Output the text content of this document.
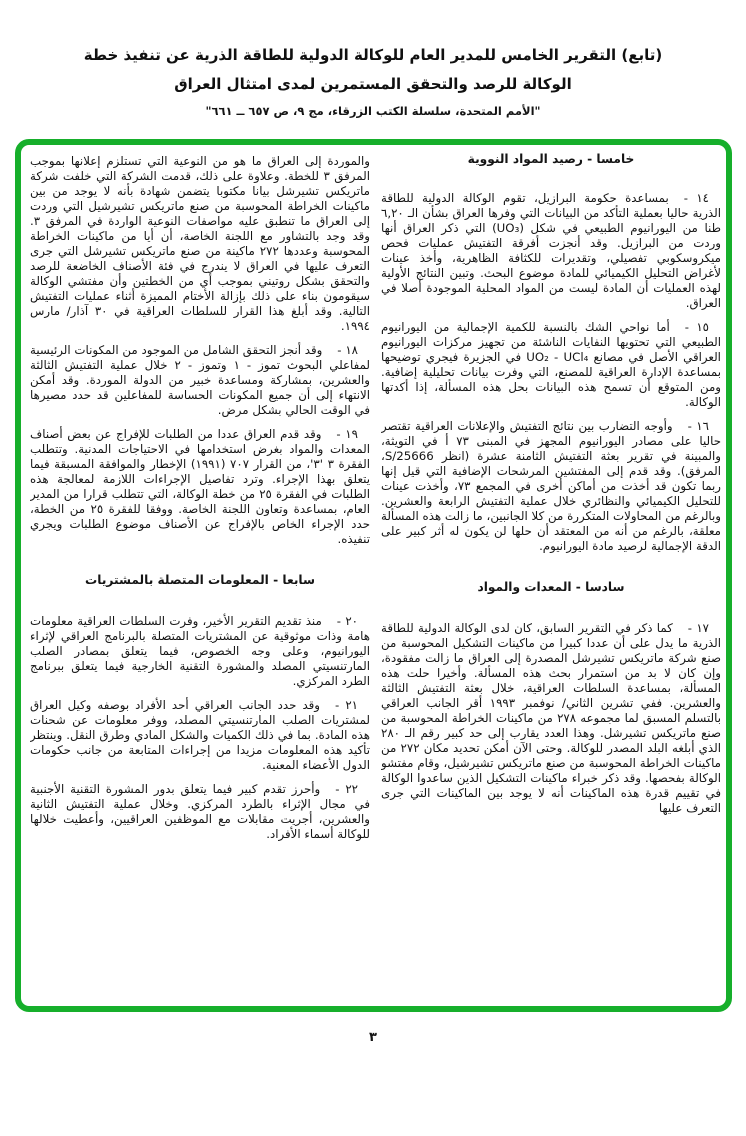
(تابع) التقرير الخامس للمدير العام للوكالة الدولية للطاقة الذرية عن تنفيذ خطة
الوكالة للرصد والتحقق المستمرين لمدى امتثال العراق
"الأمم المتحدة، سلسلة الكتب الزرقاء، مج ٩، ص ٦٥٧ ــ ٦٦١"
خامسا - رصيد المواد النووية

١٤ -بمساعدة حكومة البرازيل، تقوم الوكالة الدولية للطاقة الذرية حاليا بعملية التأكد من البيانات التي وفرها العراق بشأن الـ ٦,٢٠ طنا من اليورانيوم الطبيعي في شكل (UO₃) التي ذكر العراق أنها وردت من البرازيل. وقد أنجزت أفرقة التفتيش عمليات فحص ميكروسكوبي تفصيلي، وتقديرات للكثافة الظاهرية، وأخذ عينات لأغراض التحليل الكيميائي للمادة موضوع البحث. وتبين النتائج الأولية لهذه العمليات أن المادة ليست من المواد المحلية الموجودة أصلا في العراق.

١٥ -أما نواحي الشك بالنسبة للكمية الإجمالية من اليورانيوم الطبيعي التي تحتويها النفايات الناشئة من تجهيز مركزات اليورانيوم العراقي الأصل في مصانع ‪UO₂ - UCl₄‬ في الجزيرة فيجري توضيحها بمساعدة الإدارة العراقية للمصنع، التي وفرت بيانات تحليلية إضافية. ومن المتوقع أن تسمح هذه البيانات بحل هذه المسألة، إذا أكدتها الوكالة.

١٦ -وأوجه التضارب بين نتائج التفتيش والإعلانات العراقية تقتصر حاليا على مصادر اليورانيوم المجهز في المبنى ٧٣ أ في التويثة، والمبينة في تقرير بعثة التفتيش الثامنة عشرة (انظر ‪S/25666‬، المرفق). وقد قدم إلى المفتشين المرشحات الإضافية التي قيل إنها ربما تكون قد أخذت من أماكن أخرى في المجمع ٧٣، وأخذت عينات للتحليل الكيميائي والنظائري خلال عملية التفتيش الرابعة والعشرين. وبالرغم من المحاولات المتكررة من كلا الجانبين، ما زالت هذه المسألة معلقة، بالرغم من أنه من المعتقد أن حلها لن يكون له أثر كبير على الدقة الإجمالية لرصيد مادة اليورانيوم.

سادسا - المعدات والمواد

١٧ -كما ذكر في التقرير السابق، كان لدى الوكالة الدولية للطاقة الذرية ما يدل على أن عددا كبيرا من ماكينات التشكيل المحوسبة من صنع شركة ماتريكس تشيرشل المصدرة إلى العراق ما زالت مفقودة، وإن كان لا بد من استمرار بحث هذه المسألة. وأخيرا حلت هذه المسألة، بمساعدة السلطات العراقية، خلال بعثة التفتيش الثالثة والعشرين. ففي تشرين الثاني/ نوفمبر ١٩٩٣ أقر الجانب العراقي بالتسلم المسبق لما مجموعه ٢٧٨ من ماكينات الخراطة المحوسبة من صنع ماتريكس تشيرشل. وهذا العدد يقارب إلى حد كبير رقم الـ ٢٨٠ الذي أبلغه البلد المصدر للوكالة. وحتى الآن أمكن تحديد مكان ٢٧٢ من ماكينات الخراطة المحوسبة من صنع ماتريكس تشيرشيل، وقام مفتشو الوكالة بفحصها. وقد ذكر خبراء ماكينات التشكيل الذين ساعدوا الوكالة في تقييم قدرة هذه الماكينات أنه لا يوجد بين الماكينات التي جرى التعرف عليها

والموردة إلى العراق ما هو من النوعية التي تستلزم إعلانها بموجب المرفق ٣ للخطة. وعلاوة على ذلك، قدمت الشركة التي خلفت شركة ماتريكس تشيرشل بيانا مكتوبا يتضمن شهادة بأنه لا يوجد من بين ماكينات الخراطة المحوسبة من صنع ماتريكس تشيرشيل التي وردت إلى العراق ما تنطبق عليه مواصفات النوعية الواردة في المرفق ٣. وقد وجد بالتشاور مع اللجنة الخاصة، أن أيا من ماكينات الخراطة المحوسبة وعددها ٢٧٢ ماكينة من صنع ماتريكس تشيرشل التي جرى التعرف عليها في العراق لا يندرج في فئة الأصناف الخاضعة للرصد والتحقق بشكل روتيني بموجب أي من الخطتين وأن مفتشي الوكالة سيقومون بناء على ذلك بإزالة الأختام المميزة أثناء عمليات التفتيش التالية. وقد أبلغ هذا القرار للسلطات العراقية في ٣٠ آذار/ مارس ١٩٩٤.

١٨ -وقد أنجز التحقق الشامل من الموجود من المكونات الرئيسية لمفاعلي البحوث تموز - ١ وتموز - ٢ خلال عملية التفتيش الثالثة والعشرين، بمشاركة ومساعدة خبير من الدولة الموردة. وقد أمكن الانتهاء إلى أن جميع المكونات الحساسة للمفاعلين قد حدد مصيرها في الوقت الحالي بشكل مرض.

١٩ -وقد قدم العراق عددا من الطلبات للإفراج عن بعض أصناف المعدات والمواد بغرض استخدامها في الاحتياجات المدنية. وتتطلب الفقرة ٣ '٣'، من القرار ٧٠٧ (١٩٩١) الإخطار والموافقة المسبقة فيما يتعلق بهذا الإجراء. وترد تفاصيل الإجراءات اللازمة لمعالجة هذه الطلبات في الفقرة ٢٥ من خطة الوكالة، التي تتطلب قرارا من المدير العام، بمساعدة وتعاون اللجنة الخاصة. ووفقا للفقرة ٢٥ من الخطة، حدد الإجراء الخاص بالإفراج عن الأصناف موضوع الطلبات ويجري تنفيذه.

سابعا - المعلومات المتصلة بالمشتريات

٢٠ -منذ تقديم التقرير الأخير، وفرت السلطات العراقية معلومات هامة وذات موثوقية عن المشتريات المتصلة بالبرنامج العراقي لإثراء اليورانيوم، وعلى وجه الخصوص، فيما يتعلق بمصادر الصلب المارتنسيتي المصلد والمشورة التقنية الخارجية فيما يتعلق ببرنامج الطرد المركزي.

٢١ -وقد حدد الجانب العراقي أحد الأفراد بوصفه وكيل العراق لمشتريات الصلب المارتنسيتي المصلد، ووفر معلومات عن شحنات هذه المادة. بما في ذلك الكميات والشكل المادي وطرق النقل. وينتظر تأكيد هذه المعلومات مزيدا من إجراءات المتابعة من جانب حكومات الدول الأعضاء المعنية.

٢٢ -وأحرز تقدم كبير فيما يتعلق بدور المشورة التقنية الأجنبية في مجال الإثراء بالطرد المركزي. وخلال عملية التفتيش الثانية والعشرين، أجريت مقابلات مع الموظفين العراقيين، وأعطيت خلالها للوكالة أسماء الأفراد.

٣
